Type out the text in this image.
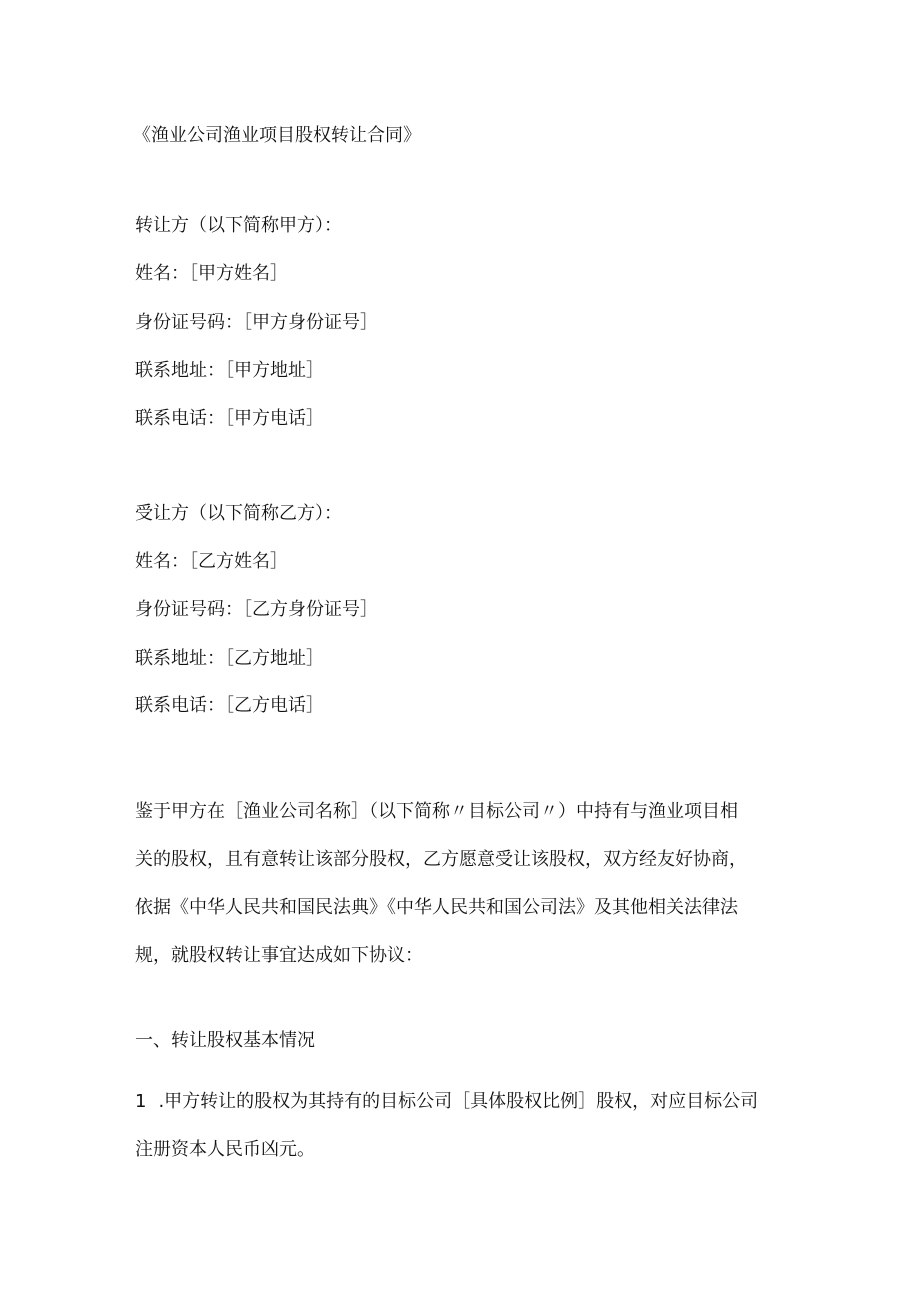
《渔业公司渔业项目股权转让合同》
转让方（以下简称甲方）：
姓名：［甲方姓名］
身份证号码：［甲方身份证号］
联系地址：［甲方地址］
联系电话：［甲方电话］
受让方（以下简称乙方）：
姓名：［乙方姓名］
身份证号码：［乙方身份证号］
联系地址：［乙方地址］
联系电话：［乙方电话］
鉴于甲方在［渔业公司名称］（以下简称〃目标公司〃）中持有与渔业项目相
关的股权，且有意转让该部分股权，乙方愿意受让该股权，双方经友好协商，
依据《中华人民共和国民法典》《中华人民共和国公司法》及其他相关法律法
规，就股权转让事宜达成如下协议：
一、转让股权基本情况
1 .甲方转让的股权为其持有的目标公司［具体股权比例］股权，对应目标公司
注册资本人民币凶元。
